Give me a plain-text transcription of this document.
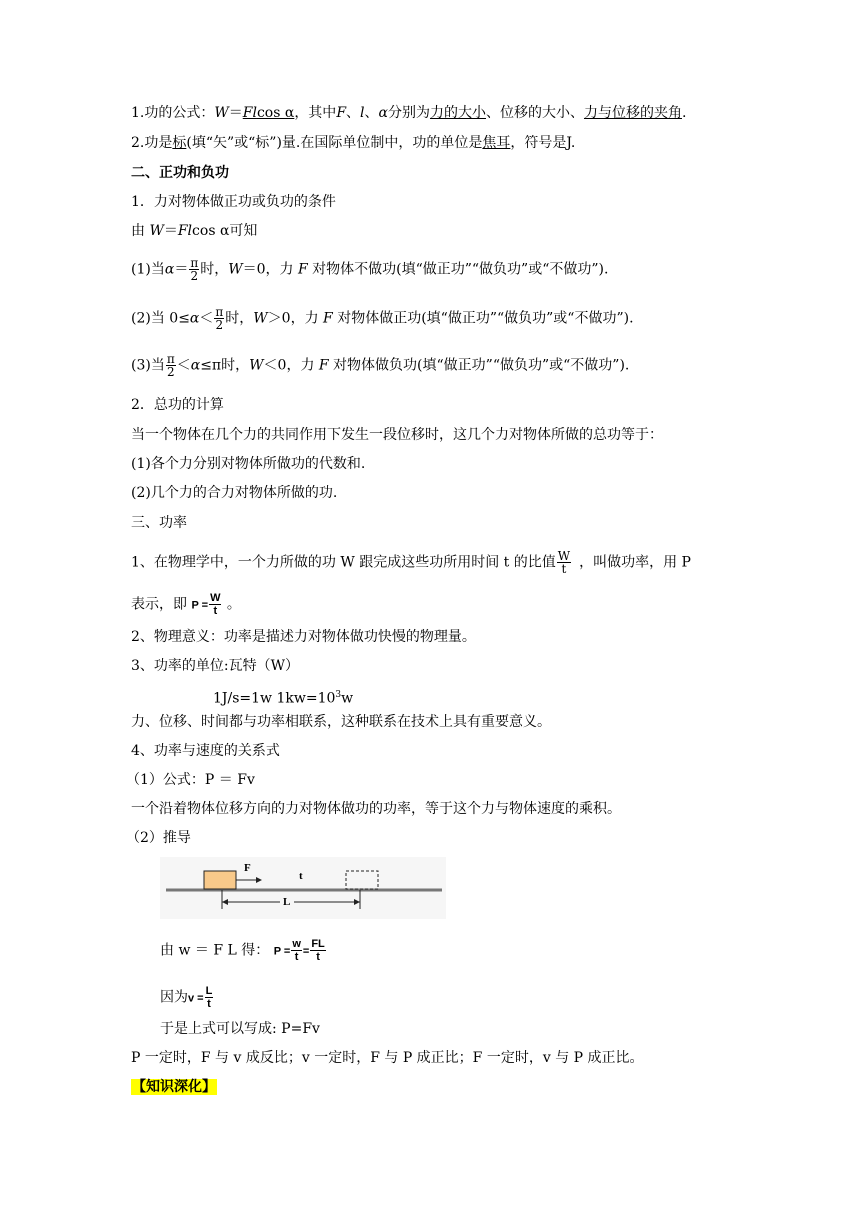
1.功的公式：W＝Flcos α，其中F、l、α分别为力的大小、位移的大小、力与位移的夹角.
2.功是标(填“矢”或“标”)量.在国际单位制中，功的单位是焦耳，符号是J.
二、正功和负功
1．力对物体做正功或负功的条件
由 W＝Flcos α可知
(1)当$\alpha= \frac{\pi}{2}$ 时，W＝0，力 F 对物体不做功(填“做正功”“做负功”或“不做功”).
(2)当 $0\le\alpha< \frac{\pi}{2}$ 时，W＞0，力 F 对物体做正功(填“做正功”“做负功”或“不做功”).
(3)当 $\frac{\pi}{2} <\alpha\le\pi$时，W＜0，力 F 对物体做负功(填“做正功”“做负功”或“不做功”).
2．总功的计算
当一个物体在几个力的共同作用下发生一段位移时，这几个力对物体所做的总功等于：
(1)各个力分别对物体所做功的代数和.
(2)几个力的合力对物体所做的功.
三、功率
1、在物理学中，一个力所做的功 W 跟完成这些功所用时间 t 的比值 $\frac{W}{t}$ ，叫做功率，用 P
表示，即 $P = \frac{W}{t}$ 。
2、物理意义：功率是描述力对物体做功快慢的物理量。
3、功率的单位:瓦特（W）
1J/s=1w $1kw=10^3w$
力、位移、时间都与功率相联系，这种联系在技术上具有重要意义。
4、功率与速度的关系式
（1）公式：P ＝ Fv
一个沿着物体位移方向的力对物体做功的功率，等于这个力与物体速度的乘积。
（2）推导
F
t
L
由 w ＝ F L 得： $P = \frac{w}{t} = \frac{FL}{t}$
因为$v = \frac{L}{t}$
于是上式可以写成: P=Fv
P 一定时，F 与 v 成反比；v 一定时，F 与 P 成正比；F 一定时，v 与 P 成正比。
【知识深化】
